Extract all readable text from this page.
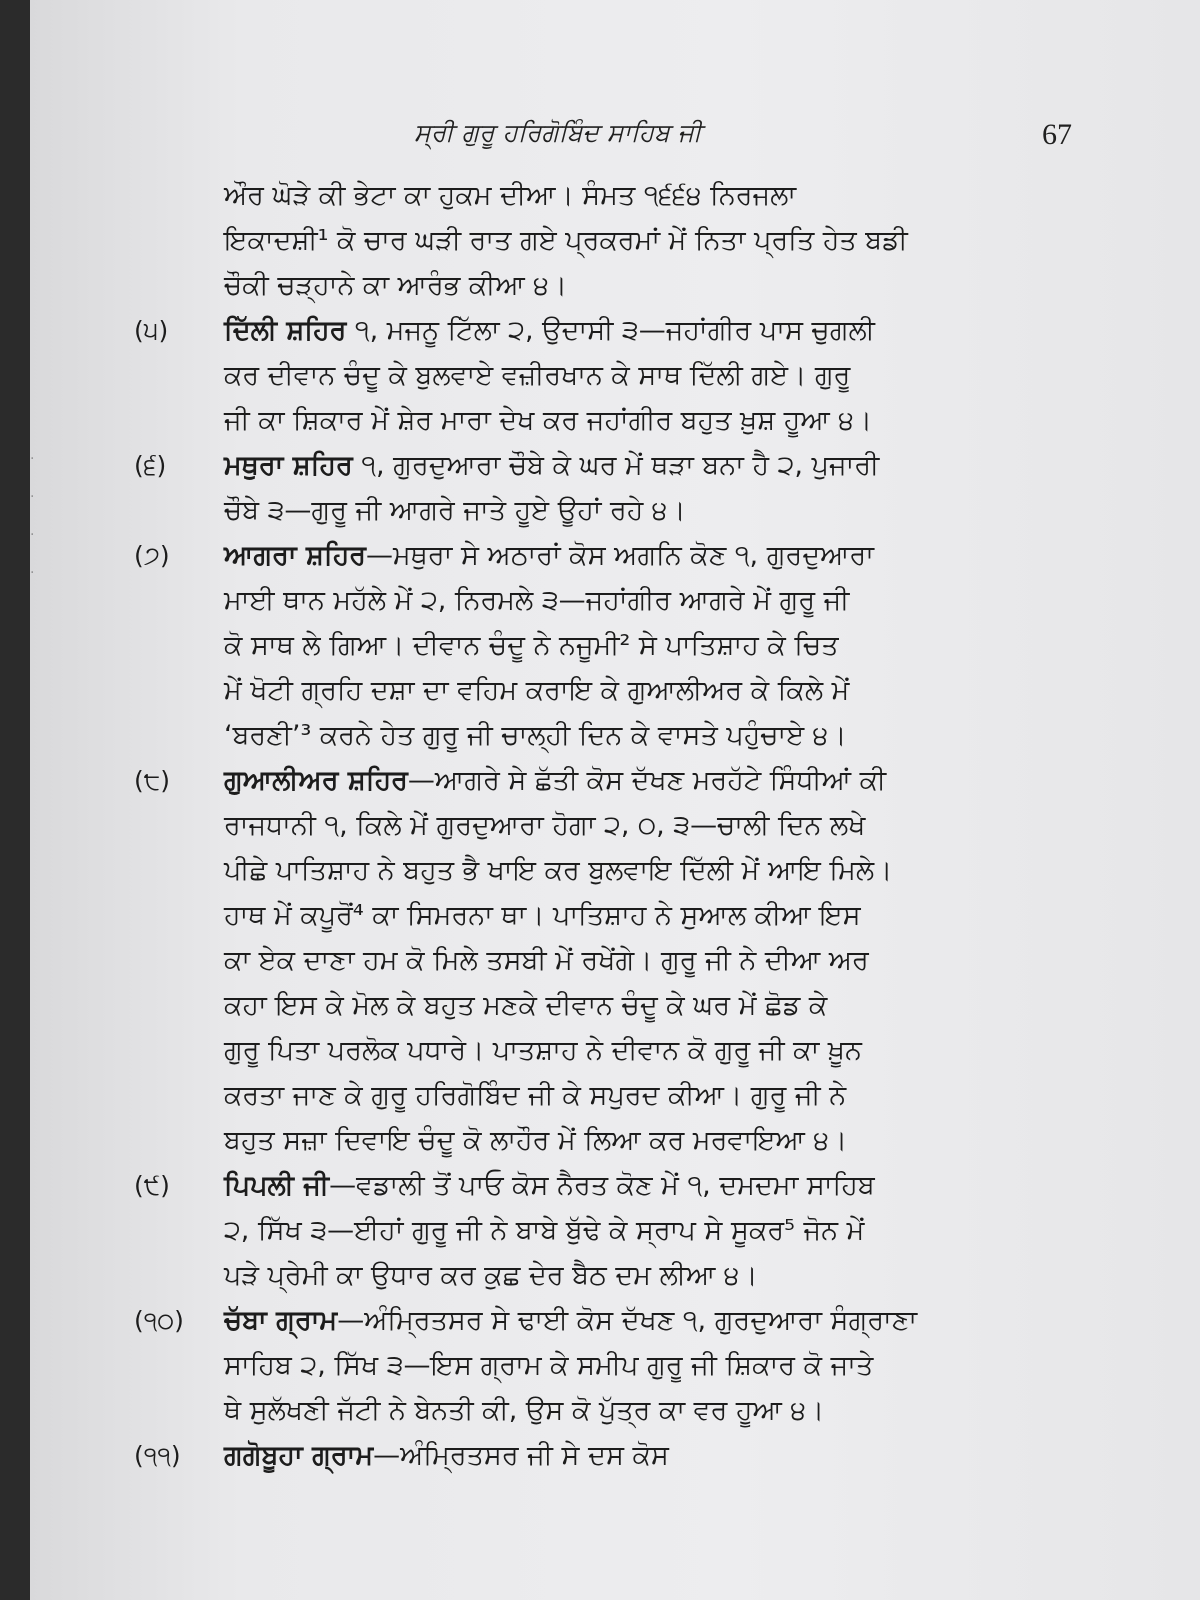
·
·
·
·
ਸ੍ਰੀ ਗੁਰੂ ਹਰਿਗੋਬਿੰਦ ਸਾਹਿਬ ਜੀ	67
ਔਰ ਘੋੜੇ ਕੀ ਭੇਟਾ ਕਾ ਹੁਕਮ ਦੀਆ। ਸੰਮਤ ੧੬੬੪ ਨਿਰਜਲਾ
ਇਕਾਦਸ਼ੀ¹ ਕੋ ਚਾਰ ਘੜੀ ਰਾਤ ਗਏ ਪ੍ਰਕਰਮਾਂ ਮੇਂ ਨਿਤਾ ਪ੍ਰਤਿ ਹੇਤ ਬਡੀ
ਚੌਕੀ ਚੜ੍ਹਾਨੇ ਕਾ ਆਰੰਭ ਕੀਆ ੪।
(੫)	ਦਿੱਲੀ ਸ਼ਹਿਰ ੧, ਮਜਨੂ ਟਿੱਲਾ ੨, ਉਦਾਸੀ ੩—ਜਹਾਂਗੀਰ ਪਾਸ ਚੁਗਲੀ
ਕਰ ਦੀਵਾਨ ਚੰਦੂ ਕੇ ਬੁਲਵਾਏ ਵਜ਼ੀਰਖਾਨ ਕੇ ਸਾਥ ਦਿੱਲੀ ਗਏ। ਗੁਰੂ
ਜੀ ਕਾ ਸ਼ਿਕਾਰ ਮੇਂ ਸ਼ੇਰ ਮਾਰਾ ਦੇਖ ਕਰ ਜਹਾਂਗੀਰ ਬਹੁਤ ਖ਼ੁਸ਼ ਹੂਆ ੪।
(੬)	ਮਥੁਰਾ ਸ਼ਹਿਰ ੧, ਗੁਰਦੁਆਰਾ ਚੌਬੇ ਕੇ ਘਰ ਮੇਂ ਥੜਾ ਬਨਾ ਹੈ ੨, ਪੁਜਾਰੀ
ਚੌਬੇ ੩—ਗੁਰੂ ਜੀ ਆਗਰੇ ਜਾਤੇ ਹੂਏ ਊਹਾਂ ਰਹੇ ੪।
(੭)	ਆਗਰਾ ਸ਼ਹਿਰ—ਮਥੁਰਾ ਸੇ ਅਠਾਰਾਂ ਕੋਸ ਅਗਨਿ ਕੋਣ ੧, ਗੁਰਦੁਆਰਾ
ਮਾਈ ਥਾਨ ਮਹੱਲੇ ਮੇਂ ੨, ਨਿਰਮਲੇ ੩—ਜਹਾਂਗੀਰ ਆਗਰੇ ਮੇਂ ਗੁਰੂ ਜੀ
ਕੋ ਸਾਥ ਲੇ ਗਿਆ। ਦੀਵਾਨ ਚੰਦੂ ਨੇ ਨਜੂਮੀ² ਸੇ ਪਾਤਿਸ਼ਾਹ ਕੇ ਚਿਤ
ਮੇਂ ਖੋਟੀ ਗ੍ਰਹਿ ਦਸ਼ਾ ਦਾ ਵਹਿਮ ਕਰਾਇ ਕੇ ਗੁਆਲੀਅਰ ਕੇ ਕਿਲੇ ਮੇਂ
‘ਬਰਣੀ’³ ਕਰਨੇ ਹੇਤ ਗੁਰੂ ਜੀ ਚਾਲ੍ਹੀ ਦਿਨ ਕੇ ਵਾਸਤੇ ਪਹੁੰਚਾਏ ੪।
(੮)	ਗੁਆਲੀਅਰ ਸ਼ਹਿਰ—ਆਗਰੇ ਸੇ ਛੱਤੀ ਕੋਸ ਦੱਖਣ ਮਰਹੱਟੇ ਸਿੰਧੀਆਂ ਕੀ
ਰਾਜਧਾਨੀ ੧, ਕਿਲੇ ਮੇਂ ਗੁਰਦੁਆਰਾ ਹੋਗਾ ੨, ੦, ੩—ਚਾਲੀ ਦਿਨ ਲਖੇ
ਪੀਛੇ ਪਾਤਿਸ਼ਾਹ ਨੇ ਬਹੁਤ ਭੈ ਖਾਇ ਕਰ ਬੁਲਵਾਇ ਦਿੱਲੀ ਮੇਂ ਆਇ ਮਿਲੇ।
ਹਾਥ ਮੇਂ ਕਪੂਰੋਂ⁴ ਕਾ ਸਿਮਰਨਾ ਥਾ। ਪਾਤਿਸ਼ਾਹ ਨੇ ਸੁਆਲ ਕੀਆ ਇਸ
ਕਾ ਏਕ ਦਾਣਾ ਹਮ ਕੋ ਮਿਲੇ ਤਸਬੀ ਮੇਂ ਰਖੇਂਗੇ। ਗੁਰੂ ਜੀ ਨੇ ਦੀਆ ਅਰ
ਕਹਾ ਇਸ ਕੇ ਮੋਲ ਕੇ ਬਹੁਤ ਮਣਕੇ ਦੀਵਾਨ ਚੰਦੂ ਕੇ ਘਰ ਮੇਂ ਛੋਡ ਕੇ
ਗੁਰੂ ਪਿਤਾ ਪਰਲੋਕ ਪਧਾਰੇ। ਪਾਤਸ਼ਾਹ ਨੇ ਦੀਵਾਨ ਕੋ ਗੁਰੂ ਜੀ ਕਾ ਖ਼ੂਨ
ਕਰਤਾ ਜਾਣ ਕੇ ਗੁਰੂ ਹਰਿਗੋਬਿੰਦ ਜੀ ਕੇ ਸਪੁਰਦ ਕੀਆ। ਗੁਰੂ ਜੀ ਨੇ
ਬਹੁਤ ਸਜ਼ਾ ਦਿਵਾਇ ਚੰਦੂ ਕੋ ਲਾਹੌਰ ਮੇਂ ਲਿਆ ਕਰ ਮਰਵਾਇਆ ੪।
(੯)	ਪਿਪਲੀ ਜੀ—ਵਡਾਲੀ ਤੋਂ ਪਾਓ ਕੋਸ ਨੈਰਤ ਕੋਣ ਮੇਂ ੧, ਦਮਦਮਾ ਸਾਹਿਬ
੨, ਸਿੱਖ ੩—ਈਹਾਂ ਗੁਰੂ ਜੀ ਨੇ ਬਾਬੇ ਬੁੱਢੇ ਕੇ ਸ੍ਰਾਪ ਸੇ ਸੂਕਰ⁵ ਜੋਨ ਮੇਂ
ਪੜੇ ਪ੍ਰੇਮੀ ਕਾ ਉਧਾਰ ਕਰ ਕੁਛ ਦੇਰ ਬੈਠ ਦਮ ਲੀਆ ੪।
(੧੦)	ਚੱਬਾ ਗ੍ਰਾਮ—ਅੰਮ੍ਰਿਤਸਰ ਸੇ ਢਾਈ ਕੋਸ ਦੱਖਣ ੧, ਗੁਰਦੁਆਰਾ ਸੰਗ੍ਰਾਣਾ
ਸਾਹਿਬ ੨, ਸਿੱਖ ੩—ਇਸ ਗ੍ਰਾਮ ਕੇ ਸਮੀਪ ਗੁਰੂ ਜੀ ਸ਼ਿਕਾਰ ਕੋ ਜਾਤੇ
ਥੇ ਸੁਲੱਖਣੀ ਜੱਟੀ ਨੇ ਬੇਨਤੀ ਕੀ, ਉਸ ਕੋ ਪੁੱਤ੍ਰ ਕਾ ਵਰ ਹੂਆ ੪।
(੧੧)	ਗਗੋਬੂਹਾ ਗ੍ਰਾਮ—ਅੰਮ੍ਰਿਤਸਰ ਜੀ ਸੇ ਦਸ ਕੋਸ
